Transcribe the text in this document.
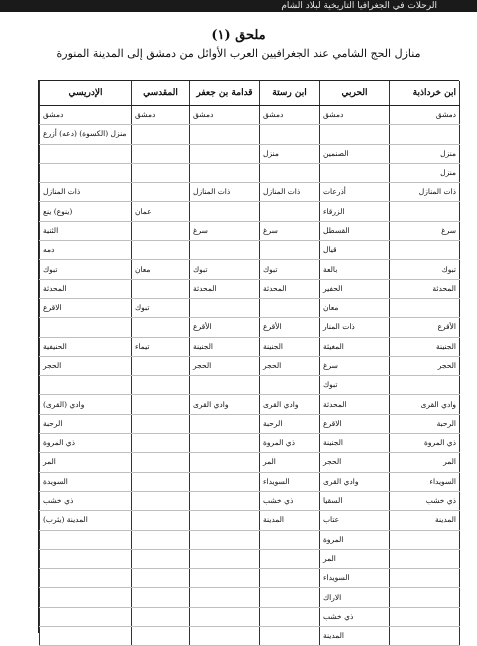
الرحلات في الجغرافيا التاريخية لبلاد الشام
ملحق (١)
منازل الحج الشامي عند الجغرافيين العرب الأوائل من دمشق إلى المدينة المنورة
ابن خرداذبة	الحربي	ابن رستة	قدامة بن جعفر	المقدسي	الإدريسي
دمشق	دمشق	دمشق	دمشق	دمشق	دمشق
					منزل (الكسوة) (دعه) أزرع
منزل	الصنمين	منزل			
منزل					
ذات المنازل	أذرعات	ذات المنازل	ذات المنازل		ذات المنازل
	الزرقاء			عمان	(ينوع) ينع
سرغ	القسطل	سرغ	سرغ		الثنية
	قيال				دمه
تبوك	بالعة	تبوك	تبوك	معان	تبوك
المحدثة	الحفير	المحدثة	المحدثة		المحدثة
	معان			تبوك	الاقرع
الأقرع	ذات المنار	الأقرع	الأقرع		
الجنينة	المغيثة	الجنينة	الجنينة	تيماء	الحنيفية
الحجر	سرغ	الحجر	الحجر		الحجر
	تبوك				
وادي القرى	المحدثة	وادي القرى	وادي القرى		وادي (القرى)
الرحبة	الاقرع	الرحبة			الرحبة
ذي المروة	الجنينة	ذي المروة			ذي المروة
المر	الحجر	المر			المر
السويداء	وادي القرى	السويداء			السويدة
ذي خشب	السقيا	ذي خشب			ذي خشب
المدينة	عتاب	المدينة			المدينة (يثرب)
	المروة				
	المر				
	السويداء				
	الاراك				
	ذي خشب				
	المدينة				
